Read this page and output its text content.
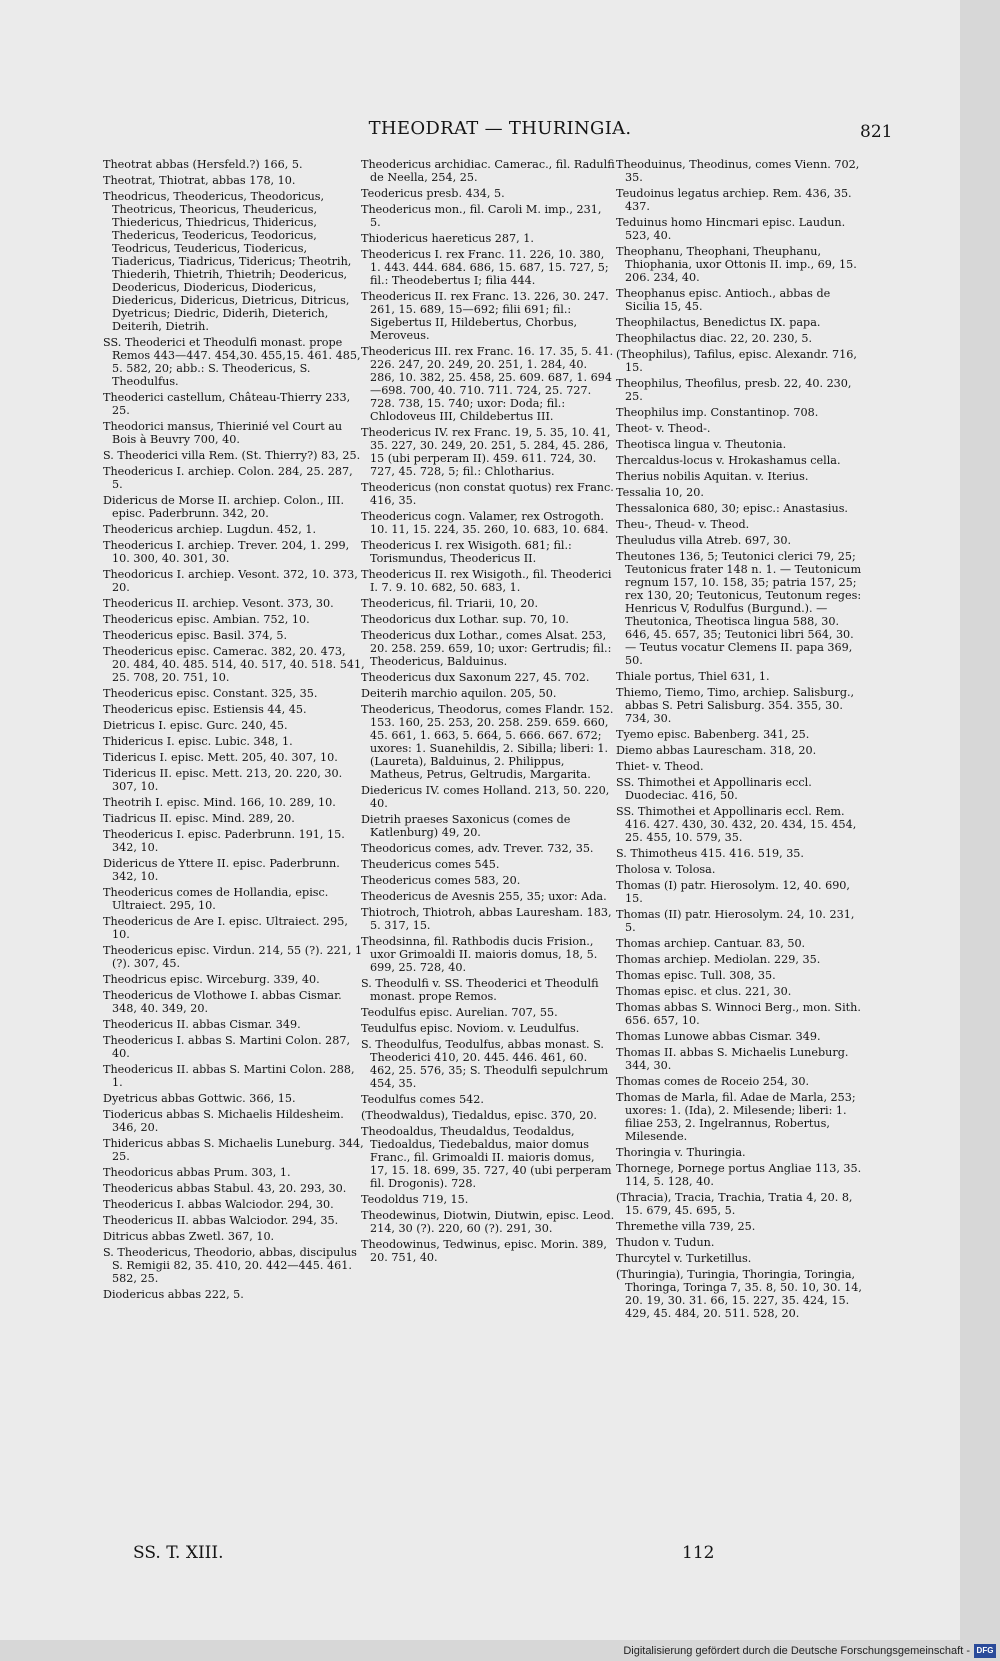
THEODRAT — THURINGIA.	821
Theotrat abbas (Hersfeld.?) 166, 5.
Theotrat, Thiotrat, abbas 178, 10.
Theodricus, Theodericus, Theodoricus, Theotricus, Theoricus, Theudericus, Thiedericus, Thiedricus, Thidericus, Thedericus, Teodericus, Teodoricus, Teodricus, Teudericus, Tiodericus, Tiadericus, Tiadricus, Tidericus; Theotrih, Thiederih, Thietrih, Thietrih; Deodericus, Deodericus, Diodericus, Diodericus, Diedericus, Didericus, Dietricus, Ditricus, Dyetricus; Diedric, Diderih, Dieterich, Deiterih, Dietrih.
SS. Theoderici et Theodulfi monast. prope Remos 443—447. 454,30. 455,15. 461. 485, 5. 582, 20; abb.: S. Theodericus, S. Theodulfus.
Theoderici castellum, Château-Thierry 233, 25.
Theodorici mansus, Thierinié vel Court au Bois à Beuvry 700, 40.
S. Theoderici villa Rem. (St. Thierry?) 83, 25.
Theodericus I. archiep. Colon. 284, 25. 287, 5.
Didericus de Morse II. archiep. Colon., III. episc. Paderbrunn. 342, 20.
Theodericus archiep. Lugdun. 452, 1.
Theodericus I. archiep. Trever. 204, 1. 299, 10. 300, 40. 301, 30.
Theodoricus I. archiep. Vesont. 372, 10. 373, 20.
Theodericus II. archiep. Vesont. 373, 30.
Theodericus episc. Ambian. 752, 10.
Theodericus episc. Basil. 374, 5.
Theodericus episc. Camerac. 382, 20. 473, 20. 484, 40. 485. 514, 40. 517, 40. 518. 541, 25. 708, 20. 751, 10.
Theodericus episc. Constant. 325, 35.
Theodericus episc. Estiensis 44, 45.
Dietricus I. episc. Gurc. 240, 45.
Thidericus I. episc. Lubic. 348, 1.
Tidericus I. episc. Mett. 205, 40. 307, 10.
Tidericus II. episc. Mett. 213, 20. 220, 30. 307, 10.
Theotrih I. episc. Mind. 166, 10. 289, 10.
Tiadricus II. episc. Mind. 289, 20.
Theodericus I. episc. Paderbrunn. 191, 15. 342, 10.
Didericus de Yttere II. episc. Paderbrunn. 342, 10.
Theodericus comes de Hollandia, episc. Ultraiect. 295, 10.
Theodericus de Are I. episc. Ultraiect. 295, 10.
Theodericus episc. Virdun. 214, 55 (?). 221, 1 (?). 307, 45.
Theodricus episc. Wirceburg. 339, 40.
Theodericus de Vlothowe I. abbas Cismar. 348, 40. 349, 20.
Theodericus II. abbas Cismar. 349.
Theodericus I. abbas S. Martini Colon. 287, 40.
Theodericus II. abbas S. Martini Colon. 288, 1.
Dyetricus abbas Gottwic. 366, 15.
Tiodericus abbas S. Michaelis Hildesheim. 346, 20.
Thidericus abbas S. Michaelis Luneburg. 344, 25.
Theodoricus abbas Prum. 303, 1.
Theodericus abbas Stabul. 43, 20. 293, 30.
Theodericus I. abbas Walciodor. 294, 30.
Theodericus II. abbas Walciodor. 294, 35.
Ditricus abbas Zwetl. 367, 10.
S. Theodericus, Theodorio, abbas, discipulus S. Remigii 82, 35. 410, 20. 442—445. 461. 582, 25.
Diodericus abbas 222, 5.
Theodericus archidiac. Camerac., fil. Radulfi de Neella, 254, 25.
Teodericus presb. 434, 5.
Theodericus mon., fil. Caroli M. imp., 231, 5.
Thiodericus haereticus 287, 1.
Theodericus I. rex Franc. 11. 226, 10. 380, 1. 443. 444. 684. 686, 15. 687, 15. 727, 5; fil.: Theodebertus I; filia 444.
Theodericus II. rex Franc. 13. 226, 30. 247. 261, 15. 689, 15—692; filii 691; fil.: Sigebertus II, Hildebertus, Chorbus, Meroveus.
Theodericus III. rex Franc. 16. 17. 35, 5. 41. 226. 247, 20. 249, 20. 251, 1. 284, 40. 286, 10. 382, 25. 458, 25. 609. 687, 1. 694—698. 700, 40. 710. 711. 724, 25. 727. 728. 738, 15. 740; uxor: Doda; fil.: Chlodoveus III, Childebertus III.
Theodericus IV. rex Franc. 19, 5. 35, 10. 41, 35. 227, 30. 249, 20. 251, 5. 284, 45. 286, 15 (ubi perperam II). 459. 611. 724, 30. 727, 45. 728, 5; fil.: Chlotharius.
Theodericus (non constat quotus) rex Franc. 416, 35.
Theodericus cogn. Valamer, rex Ostrogoth. 10. 11, 15. 224, 35. 260, 10. 683, 10. 684.
Theodericus I. rex Wisigoth. 681; fil.: Torismundus, Theodericus II.
Theodericus II. rex Wisigoth., fil. Theoderici I. 7. 9. 10. 682, 50. 683, 1.
Theodericus, fil. Triarii, 10, 20.
Theodoricus dux Lothar. sup. 70, 10.
Theodericus dux Lothar., comes Alsat. 253, 20. 258. 259. 659, 10; uxor: Gertrudis; fil.: Theodericus, Balduinus.
Theodericus dux Saxonum 227, 45. 702.
Deiterih marchio aquilon. 205, 50.
Theodericus, Theodorus, comes Flandr. 152. 153. 160, 25. 253, 20. 258. 259. 659. 660, 45. 661, 1. 663, 5. 664, 5. 666. 667. 672; uxores: 1. Suanehildis, 2. Sibilla; liberi: 1. (Laureta), Balduinus, 2. Philippus, Matheus, Petrus, Geltrudis, Margarita.
Diedericus IV. comes Holland. 213, 50. 220, 40.
Dietrih praeses Saxonicus (comes de Katlenburg) 49, 20.
Theodoricus comes, adv. Trever. 732, 35.
Theudericus comes 545.
Theodericus comes 583, 20.
Theodericus de Avesnis 255, 35; uxor: Ada.
Thiotroch, Thiotroh, abbas Lauresham. 183, 5. 317, 15.
Theodsinna, fil. Rathbodis ducis Frision., uxor Grimoaldi II. maioris domus, 18, 5. 699, 25. 728, 40.
S. Theodulfi v. SS. Theoderici et Theodulfi monast. prope Remos.
Teodulfus episc. Aurelian. 707, 55.
Teudulfus episc. Noviom. v. Leudulfus.
S. Theodulfus, Teodulfus, abbas monast. S. Theoderici 410, 20. 445. 446. 461, 60. 462, 25. 576, 35; S. Theodulfi sepulchrum 454, 35.
Teodulfus comes 542.
(Theodwaldus), Tiedaldus, episc. 370, 20.
Theodoaldus, Theudaldus, Teodaldus, Tiedoaldus, Tiedebaldus, maior domus Franc., fil. Grimoaldi II. maioris domus, 17, 15. 18. 699, 35. 727, 40 (ubi perperam fil. Drogonis). 728.
Teodoldus 719, 15.
Theodewinus, Diotwin, Diutwin, episc. Leod. 214, 30 (?). 220, 60 (?). 291, 30.
Theodowinus, Tedwinus, episc. Morin. 389, 20. 751, 40.
Theoduinus, Theodinus, comes Vienn. 702, 35.
Teudoinus legatus archiep. Rem. 436, 35. 437.
Teduinus homo Hincmari episc. Laudun. 523, 40.
Theophanu, Theophani, Theuphanu, Thiophania, uxor Ottonis II. imp., 69, 15. 206. 234, 40.
Theophanus episc. Antioch., abbas de Sicilia 15, 45.
Theophilactus, Benedictus IX. papa.
Theophilactus diac. 22, 20. 230, 5.
(Theophilus), Tafilus, episc. Alexandr. 716, 15.
Theophilus, Theofilus, presb. 22, 40. 230, 25.
Theophilus imp. Constantinop. 708.
Theot- v. Theod-.
Theotisca lingua v. Theutonia.
Thercaldus-locus v. Hrokashamus cella.
Therius nobilis Aquitan. v. Iterius.
Tessalia 10, 20.
Thessalonica 680, 30; episc.: Anastasius.
Theu-, Theud- v. Theod.
Theuludus villa Atreb. 697, 30.
Theutones 136, 5; Teutonici clerici 79, 25; Teutonicus frater 148 n. 1. — Teutonicum regnum 157, 10. 158, 35; patria 157, 25; rex 130, 20; Teutonicus, Teutonum reges: Henricus V, Rodulfus (Burgund.). — Theutonica, Theotisca lingua 588, 30. 646, 45. 657, 35; Teutonici libri 564, 30. — Teutus vocatur Clemens II. papa 369, 50.
Thiale portus, Thiel 631, 1.
Thiemo, Tiemo, Timo, archiep. Salisburg., abbas S. Petri Salisburg. 354. 355, 30. 734, 30.
Tyemo episc. Babenberg. 341, 25.
Diemo abbas Laurescham. 318, 20.
Thiet- v. Theod.
SS. Thimothei et Appollinaris eccl. Duodeciac. 416, 50.
SS. Thimothei et Appollinaris eccl. Rem. 416. 427. 430, 30. 432, 20. 434, 15. 454, 25. 455, 10. 579, 35.
S. Thimotheus 415. 416. 519, 35.
Tholosa v. Tolosa.
Thomas (I) patr. Hierosolym. 12, 40. 690, 15.
Thomas (II) patr. Hierosolym. 24, 10. 231, 5.
Thomas archiep. Cantuar. 83, 50.
Thomas archiep. Mediolan. 229, 35.
Thomas episc. Tull. 308, 35.
Thomas episc. et clus. 221, 30.
Thomas abbas S. Winnoci Berg., mon. Sith. 656. 657, 10.
Thomas Lunowe abbas Cismar. 349.
Thomas II. abbas S. Michaelis Luneburg. 344, 30.
Thomas comes de Roceio 254, 30.
Thomas de Marla, fil. Adae de Marla, 253; uxores: 1. (Ida), 2. Milesende; liberi: 1. filiae 253, 2. Ingelrannus, Robertus, Milesende.
Thoringia v. Thuringia.
Thornege, Þornege portus Angliae 113, 35. 114, 5. 128, 40.
(Thracia), Tracia, Trachia, Tratia 4, 20. 8, 15. 679, 45. 695, 5.
Thremethe villa 739, 25.
Thudon v. Tudun.
Thurcytel v. Turketillus.
(Thuringia), Turingia, Thoringia, Toringia, Thoringa, Toringa 7, 35. 8, 50. 10, 30. 14, 20. 19, 30. 31. 66, 15. 227, 35. 424, 15. 429, 45. 484, 20. 511. 528, 20.
SS. T. XIII.	112
Digitalisierung gefördert durch die Deutsche Forschungsgemeinschaft - DFG
